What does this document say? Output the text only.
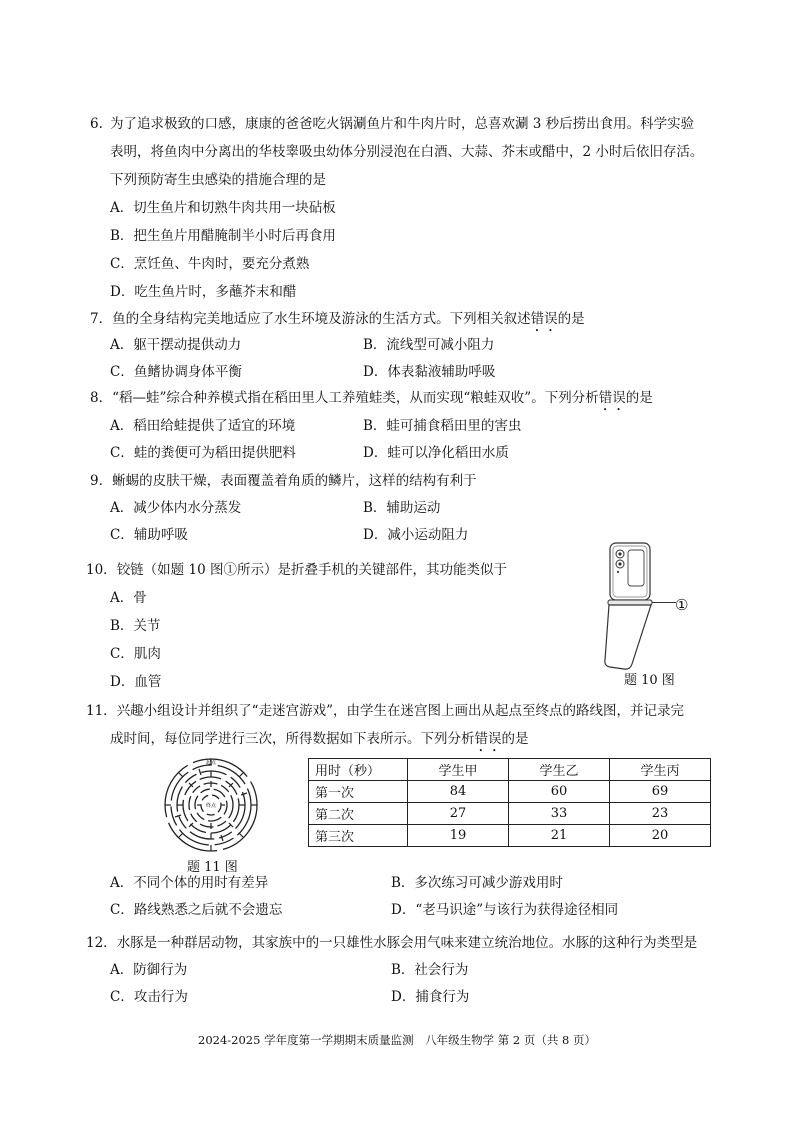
6. 为了追求极致的口感，康康的爸爸吃火锅涮鱼片和牛肉片时，总喜欢涮 3 秒后捞出食用。科学实验
表明，将鱼肉中分离出的华枝睾吸虫幼体分别浸泡在白酒、大蒜、芥末或醋中，2 小时后依旧存活。
下列预防寄生虫感染的措施合理的是
A．切生鱼片和切熟牛肉共用一块砧板
B．把生鱼片用醋腌制半小时后再食用
C．烹饪鱼、牛肉时，要充分煮熟
D．吃生鱼片时，多蘸芥末和醋
7．鱼的全身结构完美地适应了水生环境及游泳的生活方式。下列相关叙述错误的是
A．躯干摆动提供动力	B．流线型可减小阻力
C．鱼鳍协调身体平衡	D．体表黏液辅助呼吸
8．“稻—蛙”综合种养模式指在稻田里人工养殖蛙类，从而实现“粮蛙双收”。下列分析错误的是
A．稻田给蛙提供了适宜的环境	B．蛙可捕食稻田里的害虫
C．蛙的粪便可为稻田提供肥料	D．蛙可以净化稻田水质
9．蜥蜴的皮肤干燥，表面覆盖着角质的鳞片，这样的结构有利于
A．减少体内水分蒸发	B．辅助运动
C．辅助呼吸	D．减小运动阻力
10．铰链（如题 10 图①所示）是折叠手机的关键部件，其功能类似于
A．骨
B．关节
C．肌肉
D．血管
①
题 10 图
11．兴趣小组设计并组织了“走迷宫游戏”，由学生在迷宫图上画出从起点至终点的路线图，并记录完
成时间，每位同学进行三次，所得数据如下表所示。下列分析错误的是
起点
终点
题 11 图
用时（秒）	学生甲	学生乙	学生丙
第一次	84	60	69
第二次	27	33	23
第三次	19	21	20
A．不同个体的用时有差异	B．多次练习可减少游戏用时
C．路线熟悉之后就不会遗忘	D．“老马识途”与该行为获得途径相同
12．水豚是一种群居动物，其家族中的一只雄性水豚会用气味来建立统治地位。水豚的这种行为类型是
A．防御行为	B．社会行为
C．攻击行为	D．捕食行为
2024-2025 学年度第一学期期末质量监测　八年级生物学 第 2 页（共 8 页）
